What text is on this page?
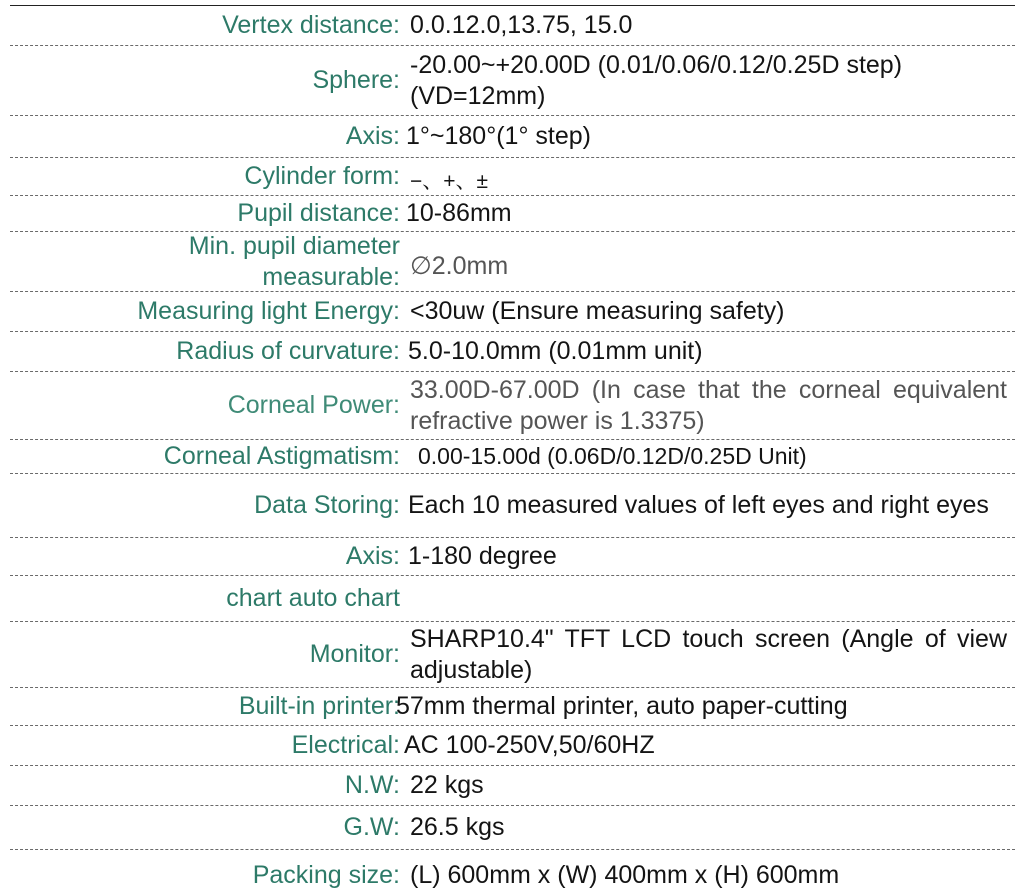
Vertex distance: 0.0.12.0,13.75, 15.0
Sphere:
-20.00~+20.00D (0.01/0.06/0.12/0.25D step) (VD=12mm)
Axis: 1°~180°(1° step)
Cylinder form: −、+、±
Pupil distance: 10-86mm
Min. pupil diameter
measurable: ∅2.0mm
Measuring light Energy: <30uw (Ensure measuring safety)
Radius of curvature: 5.0-10.0mm (0.01mm unit)
Corneal Power:
33.00D-67.00D (In case that the corneal equivalent refractive power is 1.3375)
Corneal Astigmatism: 0.00-15.00d (0.06D/0.12D/0.25D Unit)
Data Storing: Each 10 measured values of left eyes and right eyes
Axis: 1-180 degree
chart auto chart
Monitor:
SHARP10.4" TFT LCD touch screen (Angle of view adjustable)
Built-in printer:
57mm thermal printer, auto paper-cutting
Electrical: AC 100-250V,50/60HZ
N.W: 22 kgs
G.W: 26.5 kgs
Packing size: (L) 600mm x (W) 400mm x (H) 600mm
